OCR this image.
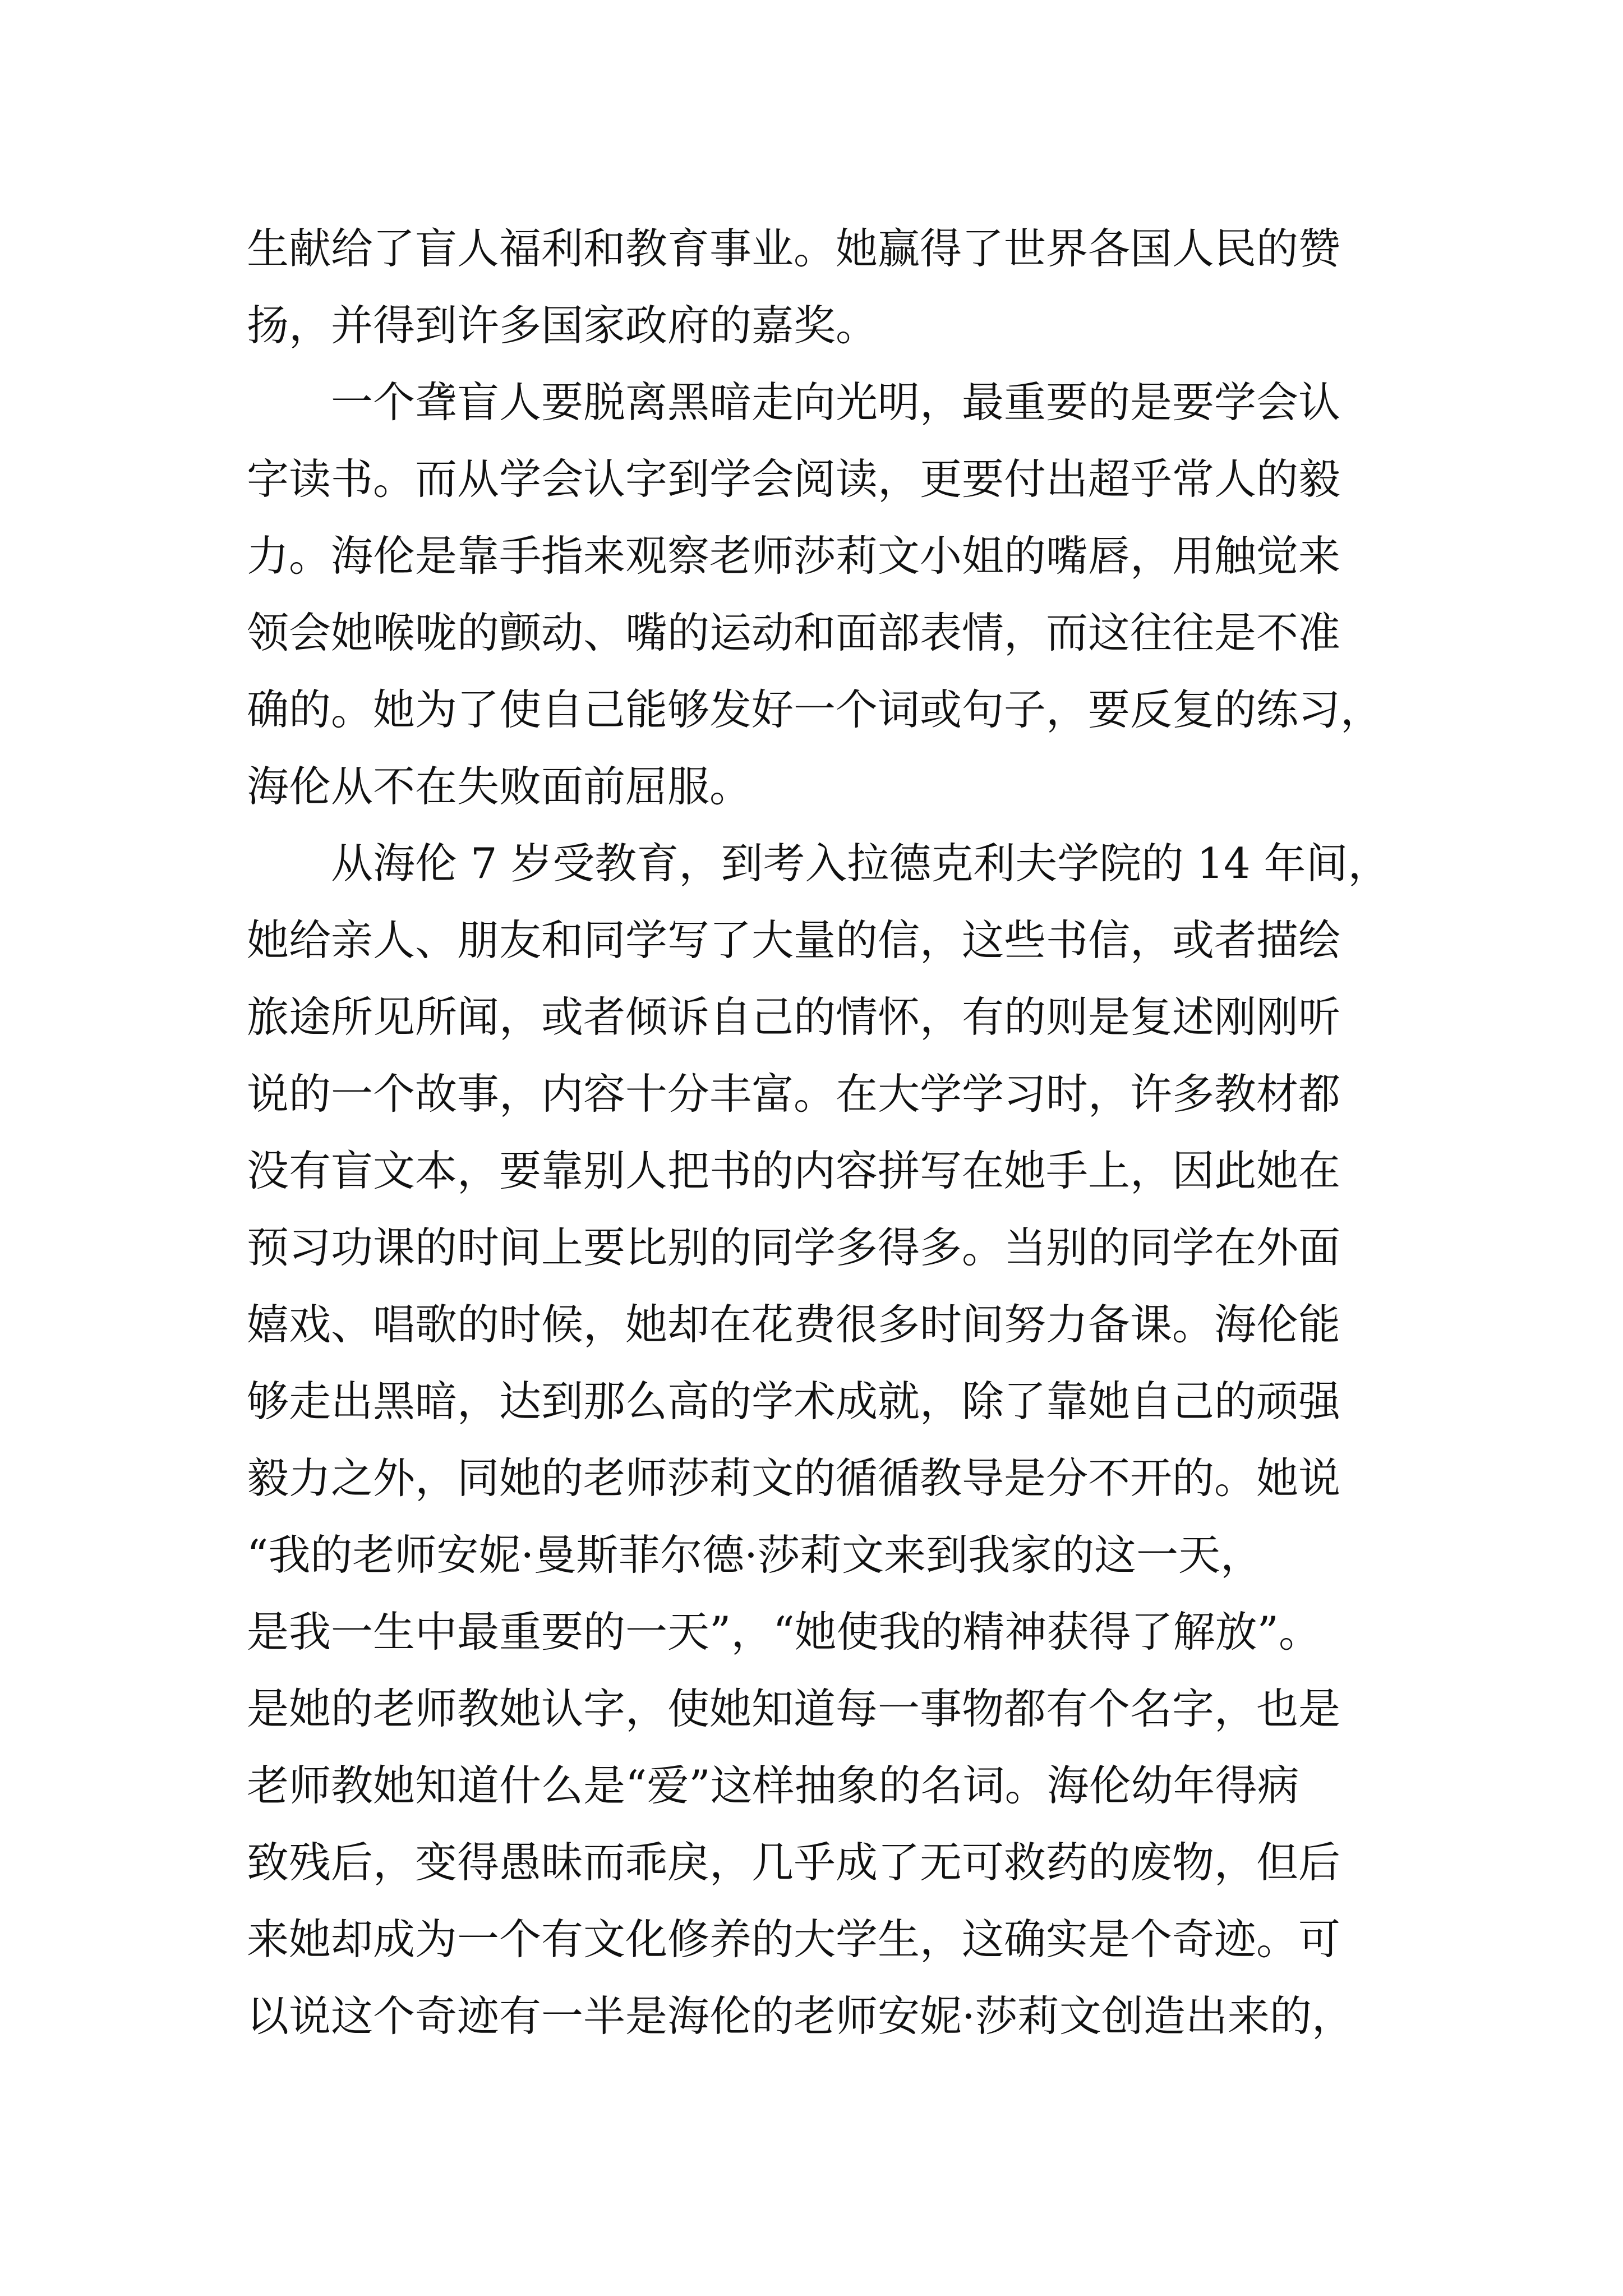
生献给了盲人福利和教育事业。她赢得了世界各国人民的赞
扬，并得到许多国家政府的嘉奖。
　　一个聋盲人要脱离黑暗走向光明，最重要的是要学会认
字读书。而从学会认字到学会阅读，更要付出超乎常人的毅
力。海伦是靠手指来观察老师莎莉文小姐的嘴唇，用触觉来
领会她喉咙的颤动、嘴的运动和面部表情，而这往往是不准
确的。她为了使自己能够发好一个词或句子，要反复的练习，
海伦从不在失败面前屈服。
　　从海伦 7 岁受教育，到考入拉德克利夫学院的 14 年间，
她给亲人、朋友和同学写了大量的信，这些书信，或者描绘
旅途所见所闻，或者倾诉自己的情怀，有的则是复述刚刚听
说的一个故事，内容十分丰富。在大学学习时，许多教材都
没有盲文本，要靠别人把书的内容拼写在她手上，因此她在
预习功课的时间上要比别的同学多得多。当别的同学在外面
嬉戏、唱歌的时候，她却在花费很多时间努力备课。海伦能
够走出黑暗，达到那么高的学术成就，除了靠她自己的顽强
毅力之外，同她的老师莎莉文的循循教导是分不开的。她说
“我的老师安妮·曼斯菲尔德·莎莉文来到我家的这一天，
是我一生中最重要的一天”，“她使我的精神获得了解放”。
是她的老师教她认字，使她知道每一事物都有个名字，也是
老师教她知道什么是“爱”这样抽象的名词。海伦幼年得病
致残后，变得愚昧而乖戾，几乎成了无可救药的废物，但后
来她却成为一个有文化修养的大学生，这确实是个奇迹。可
以说这个奇迹有一半是海伦的老师安妮·莎莉文创造出来的，
